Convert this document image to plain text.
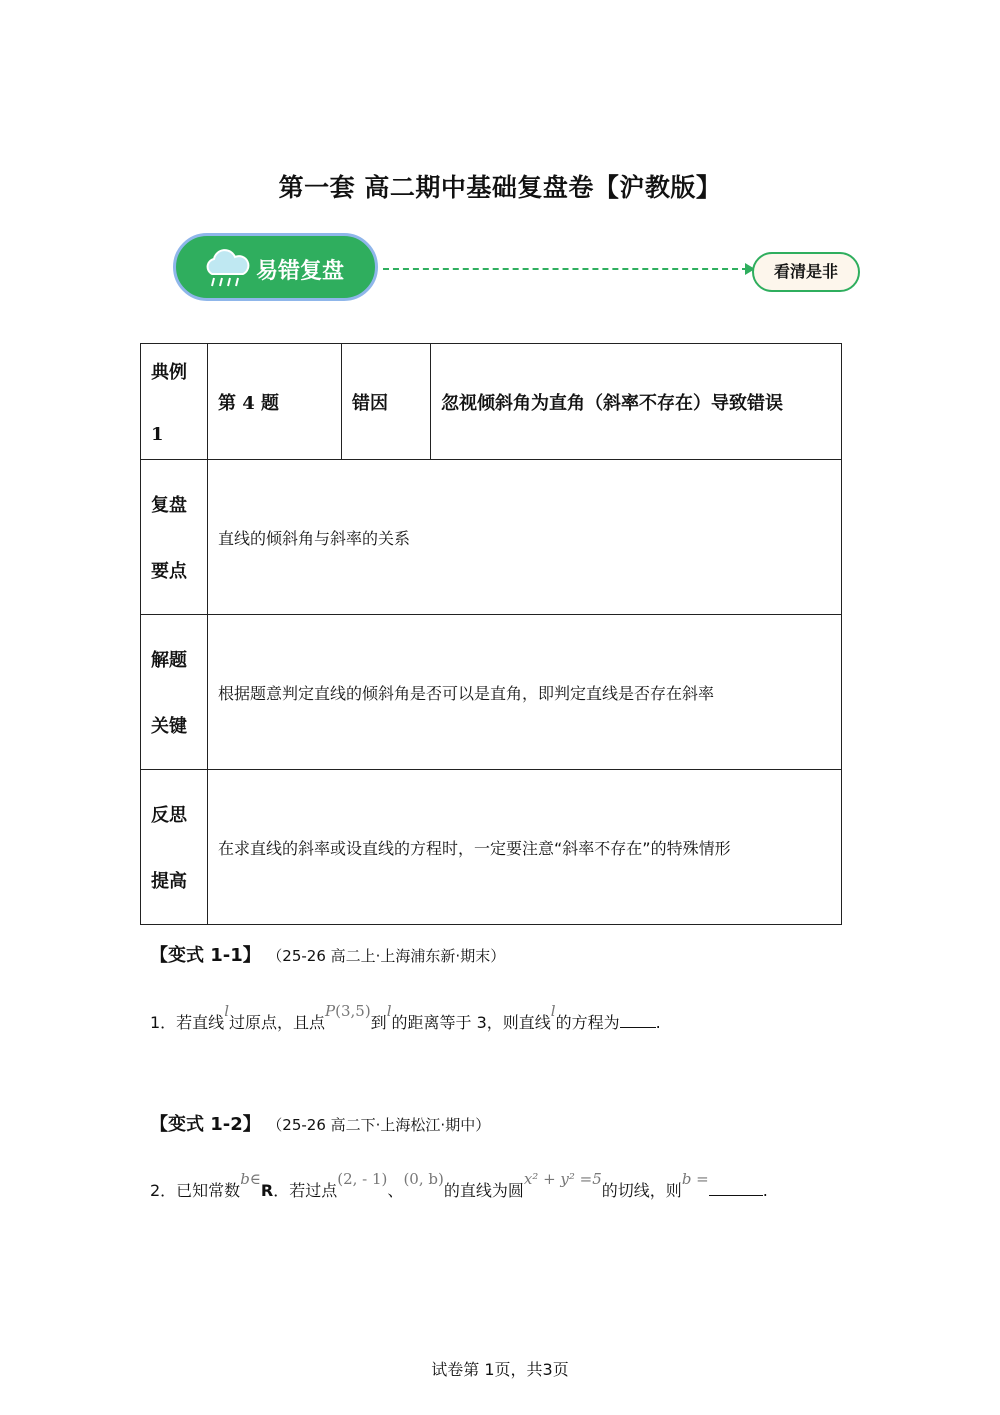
第一套 高二期中基础复盘卷【沪教版】
易错复盘	看清是非
典例
1	第 4 题	错因	忽视倾斜角为直角（斜率不存在）导致错误

复盘
要点	直线的倾斜角与斜率的关系		

解题
关键	根据题意判定直线的倾斜角是否可以是直角，即判定直线是否存在斜率		

反思
提高	在求直线的斜率或设直线的方程时，一定要注意“斜率不存在”的特殊情形		
【变式 1-1】 （25-26 高二上·上海浦东新·期末）
1．若直线l过原点，且点P(3,5)到l的距离等于 3，则直线l的方程为 .
【变式 1-2】 （25-26 高二下·上海松江·期中）
2．已知常数b∈R．若过点(2, - 1)、(0, b)的直线为圆x² + y² =5的切线，则b =.
试卷第 1页，共3页
